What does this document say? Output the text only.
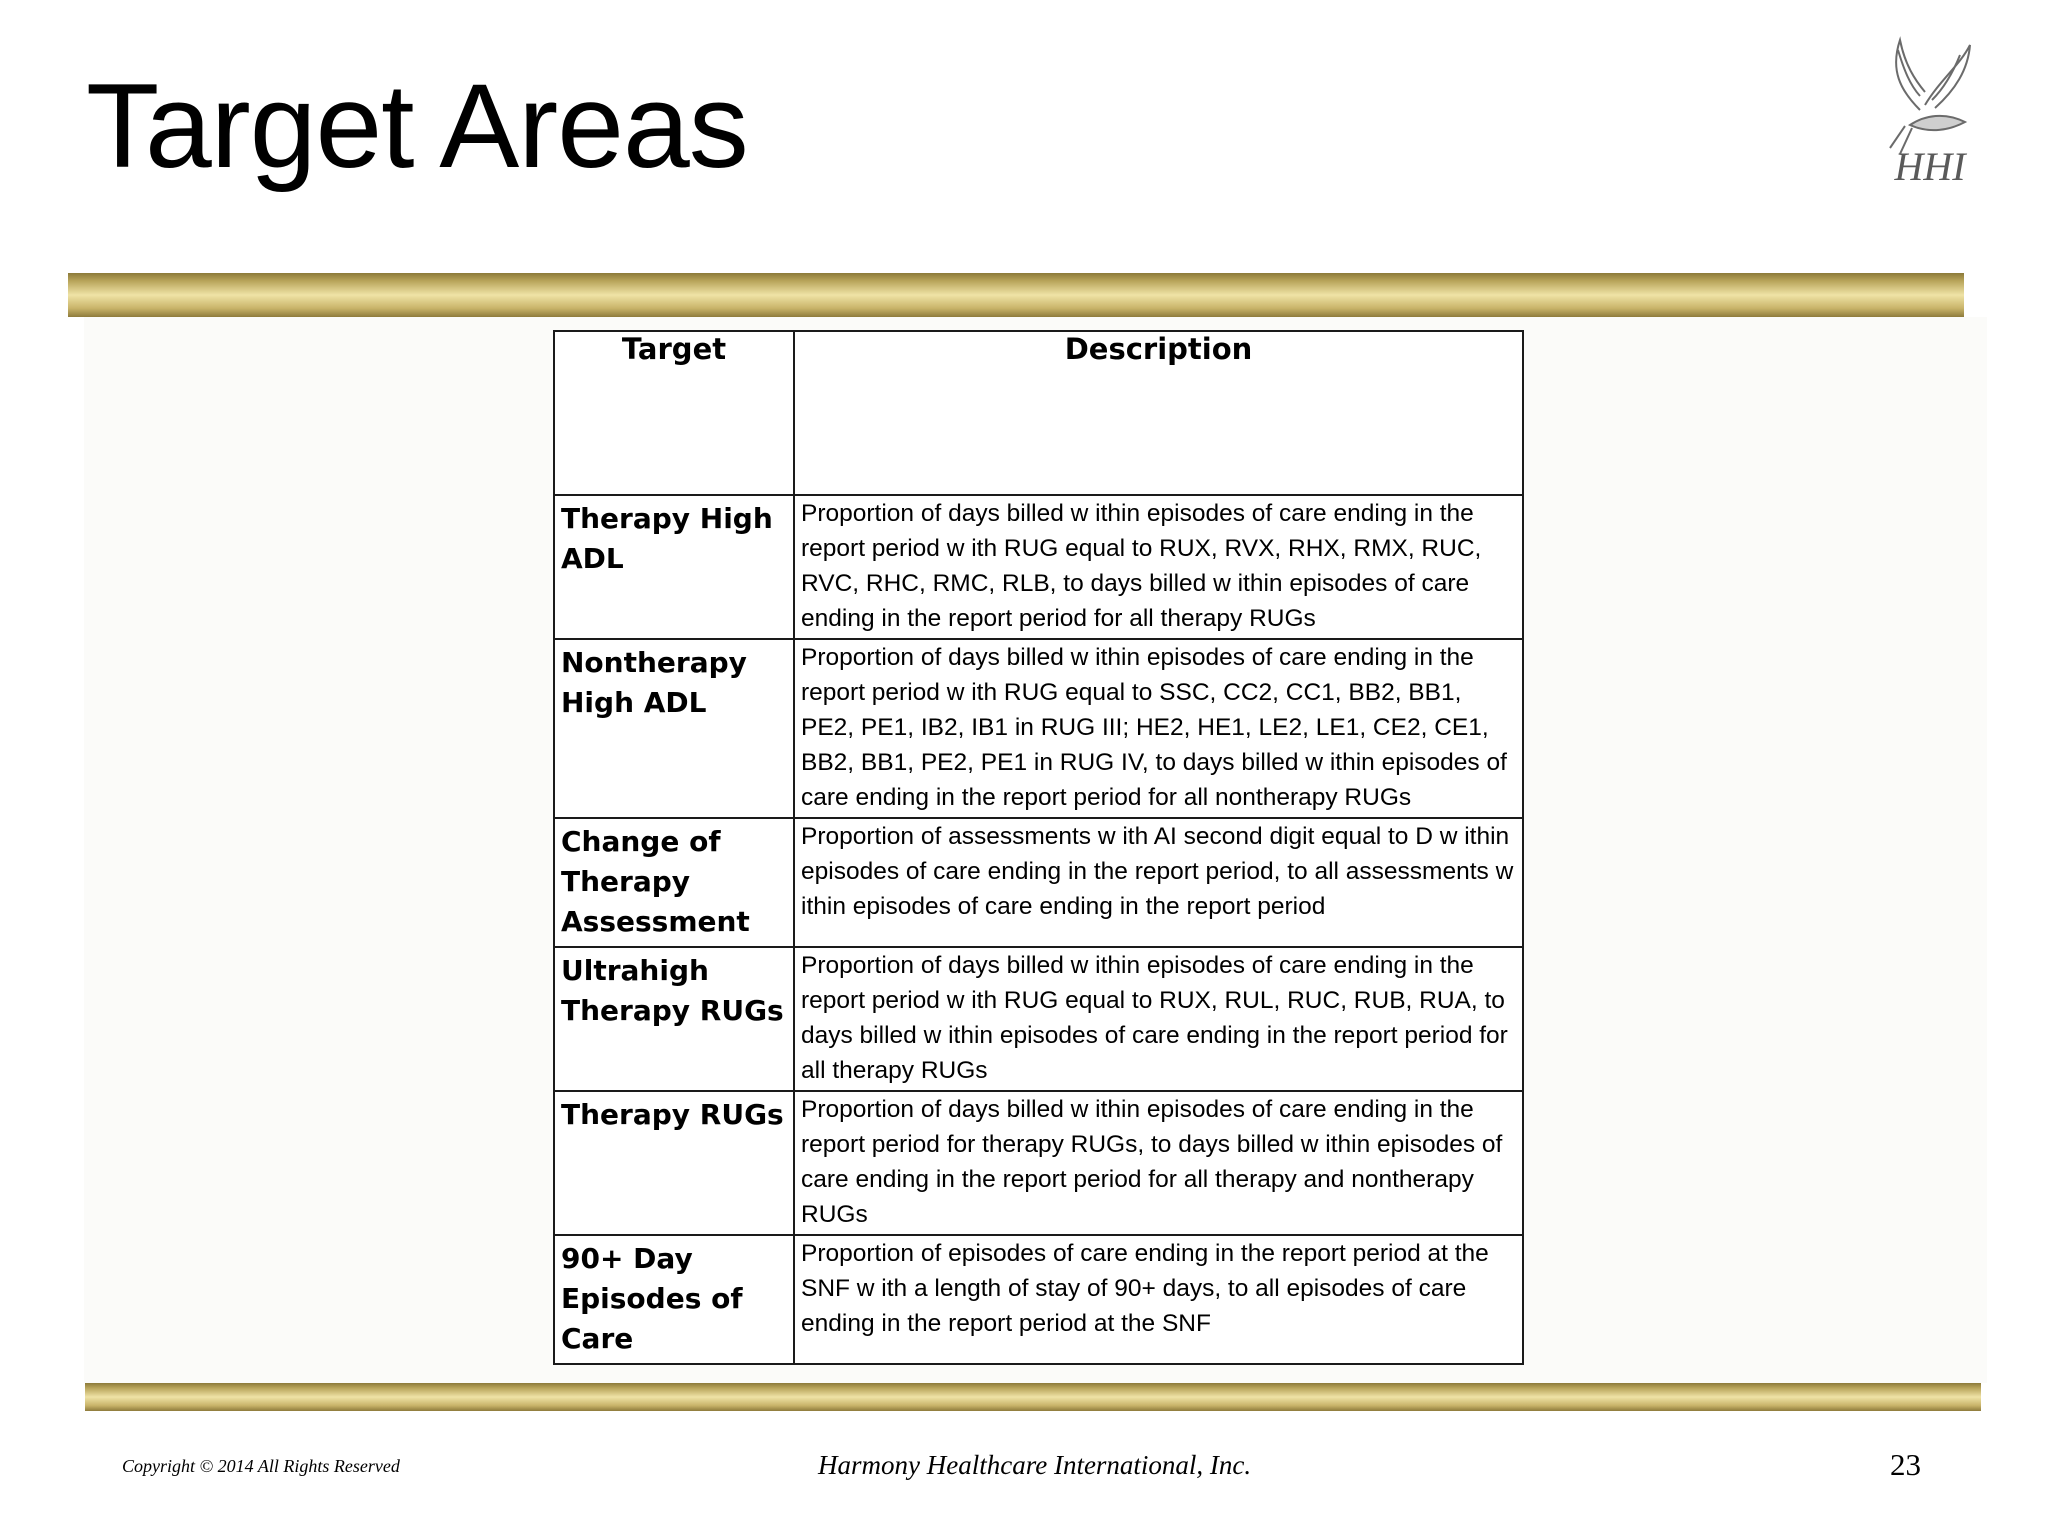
Target Areas	HHI
Target	Description
Therapy High ADL	Proportion of days billed w ithin episodes of care ending in the report period w ith RUG equal to RUX, RVX, RHX, RMX, RUC, RVC, RHC, RMC, RLB, to days billed w ithin episodes of care ending in the report period for all therapy RUGs
Nontherapy High ADL	Proportion of days billed w ithin episodes of care ending in the report period w ith RUG equal to SSC, CC2, CC1, BB2, BB1, PE2, PE1, IB2, IB1 in RUG III; HE2, HE1, LE2, LE1, CE2, CE1, BB2, BB1, PE2, PE1 in RUG IV, to days billed w ithin episodes of care ending in the report period for all nontherapy RUGs
Change of Therapy Assessment	Proportion of assessments w ith AI second digit equal to D w ithin episodes of care ending in the report period, to all assessments w ithin episodes of care ending in the report period
Ultrahigh Therapy RUGs	Proportion of days billed w ithin episodes of care ending in the report period w ith RUG equal to RUX, RUL, RUC, RUB, RUA, to days billed w ithin episodes of care ending in the report period for all therapy RUGs
Therapy RUGs	Proportion of days billed w ithin episodes of care ending in the report period for therapy RUGs, to days billed w ithin episodes of care ending in the report period for all therapy and nontherapy RUGs
90+ Day Episodes of Care	Proportion of episodes of care ending in the report period at the SNF w ith a length of stay of 90+ days, to all episodes of care ending in the report period at the SNF
Copyright © 2014 All Rights Reserved	Harmony Healthcare International, Inc.	23
